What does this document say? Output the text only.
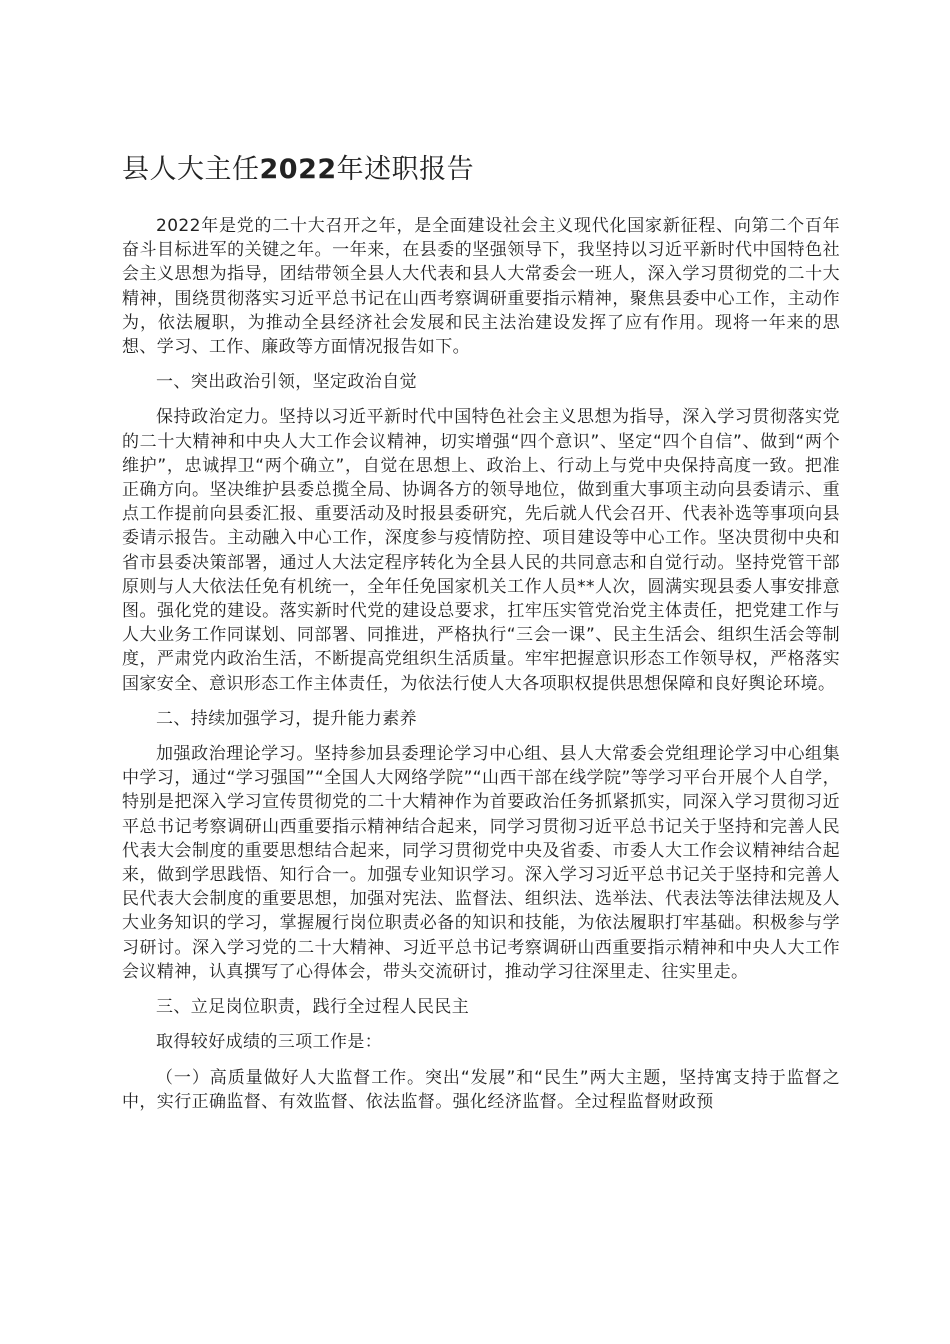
县人大主任2022年述职报告

2022年是党的二十大召开之年，是全面建设社会主义现代化国家新征程、向第二个百年奋斗目标进军的关键之年。一年来，在县委的坚强领导下，我坚持以习近平新时代中国特色社会主义思想为指导，团结带领全县人大代表和县人大常委会一班人，深入学习贯彻党的二十大精神，围绕贯彻落实习近平总书记在山西考察调研重要指示精神，聚焦县委中心工作，主动作为，依法履职，为推动全县经济社会发展和民主法治建设发挥了应有作用。现将一年来的思想、学习、工作、廉政等方面情况报告如下。

一、突出政治引领，坚定政治自觉

保持政治定力。坚持以习近平新时代中国特色社会主义思想为指导，深入学习贯彻落实党的二十大精神和中央人大工作会议精神，切实增强“四个意识”、坚定“四个自信”、做到“两个维护”，忠诚捍卫“两个确立”，自觉在思想上、政治上、行动上与党中央保持高度一致。把准正确方向。坚决维护县委总揽全局、协调各方的领导地位，做到重大事项主动向县委请示、重点工作提前向县委汇报、重要活动及时报县委研究，先后就人代会召开、代表补选等事项向县委请示报告。主动融入中心工作，深度参与疫情防控、项目建设等中心工作。坚决贯彻中央和省市县委决策部署，通过人大法定程序转化为全县人民的共同意志和自觉行动。坚持党管干部原则与人大依法任免有机统一，全年任免国家机关工作人员**人次，圆满实现县委人事安排意图。强化党的建设。落实新时代党的建设总要求，扛牢压实管党治党主体责任，把党建工作与人大业务工作同谋划、同部署、同推进，严格执行“三会一课”、民主生活会、组织生活会等制度，严肃党内政治生活，不断提高党组织生活质量。牢牢把握意识形态工作领导权，严格落实国家安全、意识形态工作主体责任，为依法行使人大各项职权提供思想保障和良好舆论环境。

二、持续加强学习，提升能力素养

加强政治理论学习。坚持参加县委理论学习中心组、县人大常委会党组理论学习中心组集中学习，通过“学习强国”“全国人大网络学院”“山西干部在线学院”等学习平台开展个人自学，特别是把深入学习宣传贯彻党的二十大精神作为首要政治任务抓紧抓实，同深入学习贯彻习近平总书记考察调研山西重要指示精神结合起来，同学习贯彻习近平总书记关于坚持和完善人民代表大会制度的重要思想结合起来，同学习贯彻党中央及省委、市委人大工作会议精神结合起来，做到学思践悟、知行合一。加强专业知识学习。深入学习习近平总书记关于坚持和完善人民代表大会制度的重要思想，加强对宪法、监督法、组织法、选举法、代表法等法律法规及人大业务知识的学习，掌握履行岗位职责必备的知识和技能，为依法履职打牢基础。积极参与学习研讨。深入学习党的二十大精神、习近平总书记考察调研山西重要指示精神和中央人大工作会议精神，认真撰写了心得体会，带头交流研讨，推动学习往深里走、往实里走。

三、立足岗位职责，践行全过程人民民主

取得较好成绩的三项工作是：

（一）高质量做好人大监督工作。突出“发展”和“民生”两大主题，坚持寓支持于监督之中，实行正确监督、有效监督、依法监督。强化经济监督。全过程监督财政预
